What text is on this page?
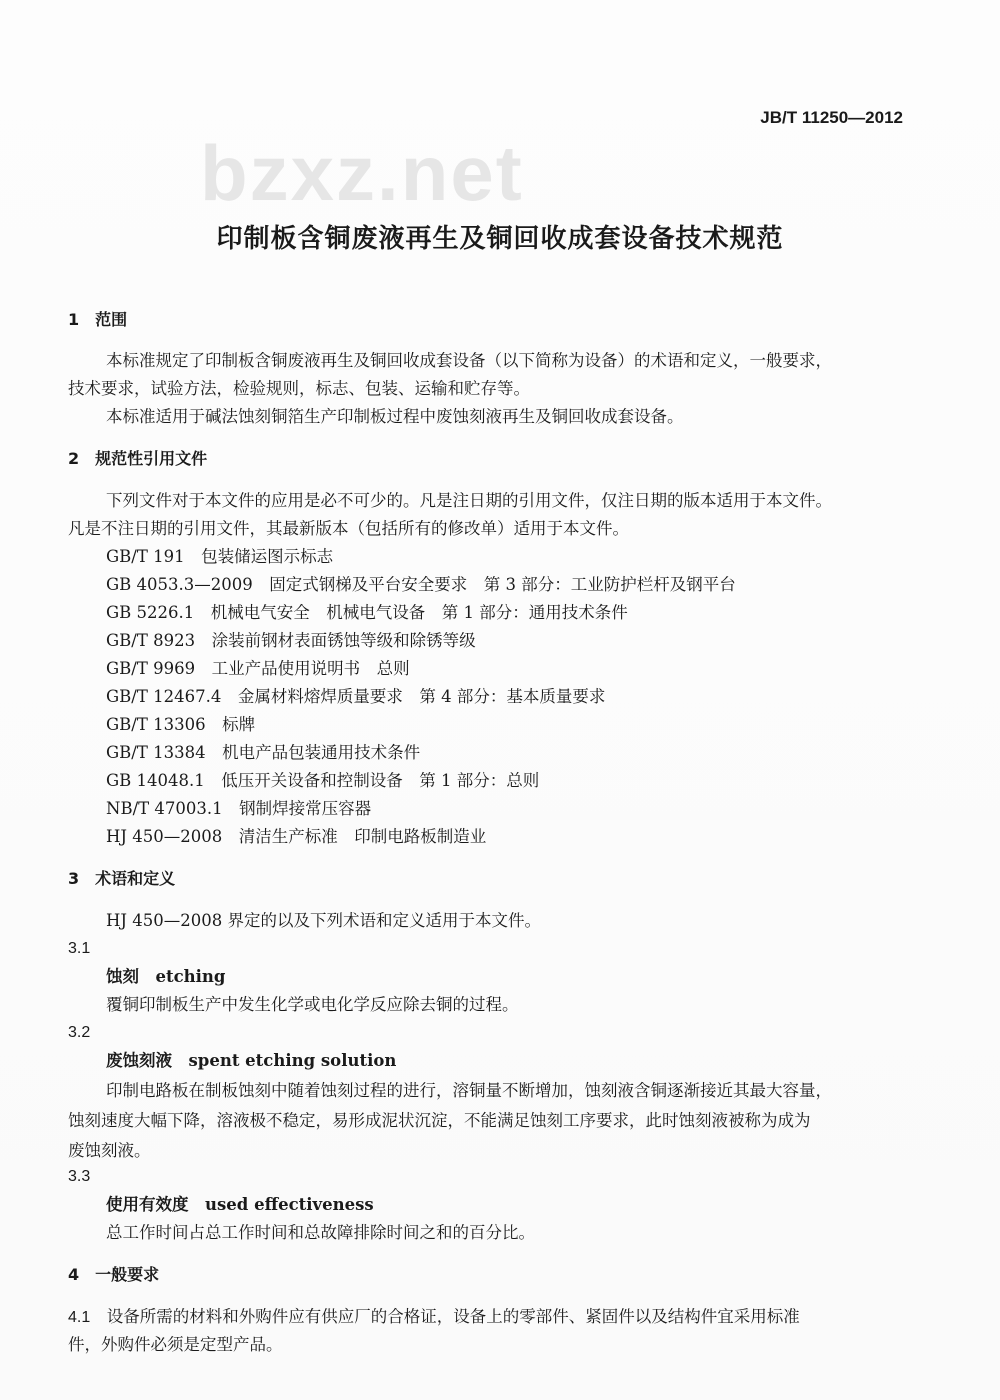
JB/T 11250—2012
bzxz.net
印制板含铜废液再生及铜回收成套设备技术规范
1　范围
本标准规定了印制板含铜废液再生及铜回收成套设备（以下简称为设备）的术语和定义，一般要求，
技术要求，试验方法，检验规则，标志、包装、运输和贮存等。
本标准适用于碱法蚀刻铜箔生产印制板过程中废蚀刻液再生及铜回收成套设备。
2　规范性引用文件
下列文件对于本文件的应用是必不可少的。凡是注日期的引用文件，仅注日期的版本适用于本文件。
凡是不注日期的引用文件，其最新版本（包括所有的修改单）适用于本文件。
GB/T 191　 包装储运图示标志
GB 4053.3—2009　 固定式钢梯及平台安全要求　第 3 部分：工业防护栏杆及钢平台
GB 5226.1　 机械电气安全　机械电气设备　第 1 部分：通用技术条件
GB/T 8923　 涂装前钢材表面锈蚀等级和除锈等级
GB/T 9969　 工业产品使用说明书　总则
GB/T 12467.4　 金属材料熔焊质量要求　第 4 部分：基本质量要求
GB/T 13306　 标牌
GB/T 13384　 机电产品包装通用技术条件
GB 14048.1　 低压开关设备和控制设备　第 1 部分：总则
NB/T 47003.1　 钢制焊接常压容器
HJ 450—2008　 清洁生产标准　印制电路板制造业
3　术语和定义
HJ 450—2008 界定的以及下列术语和定义适用于本文件。
3.1
蚀刻　 etching
覆铜印制板生产中发生化学或电化学反应除去铜的过程。
3.2
废蚀刻液　 spent etching solution
印制电路板在制板蚀刻中随着蚀刻过程的进行，溶铜量不断增加，蚀刻液含铜逐渐接近其最大容量，
蚀刻速度大幅下降，溶液极不稳定，易形成泥状沉淀，不能满足蚀刻工序要求，此时蚀刻液被称为成为
废蚀刻液。
3.3
使用有效度　 used effectiveness
总工作时间占总工作时间和总故障排除时间之和的百分比。
4　一般要求
4.1　 设备所需的材料和外购件应有供应厂的合格证，设备上的零部件、紧固件以及结构件宜采用标准
件，外购件必须是定型产品。
